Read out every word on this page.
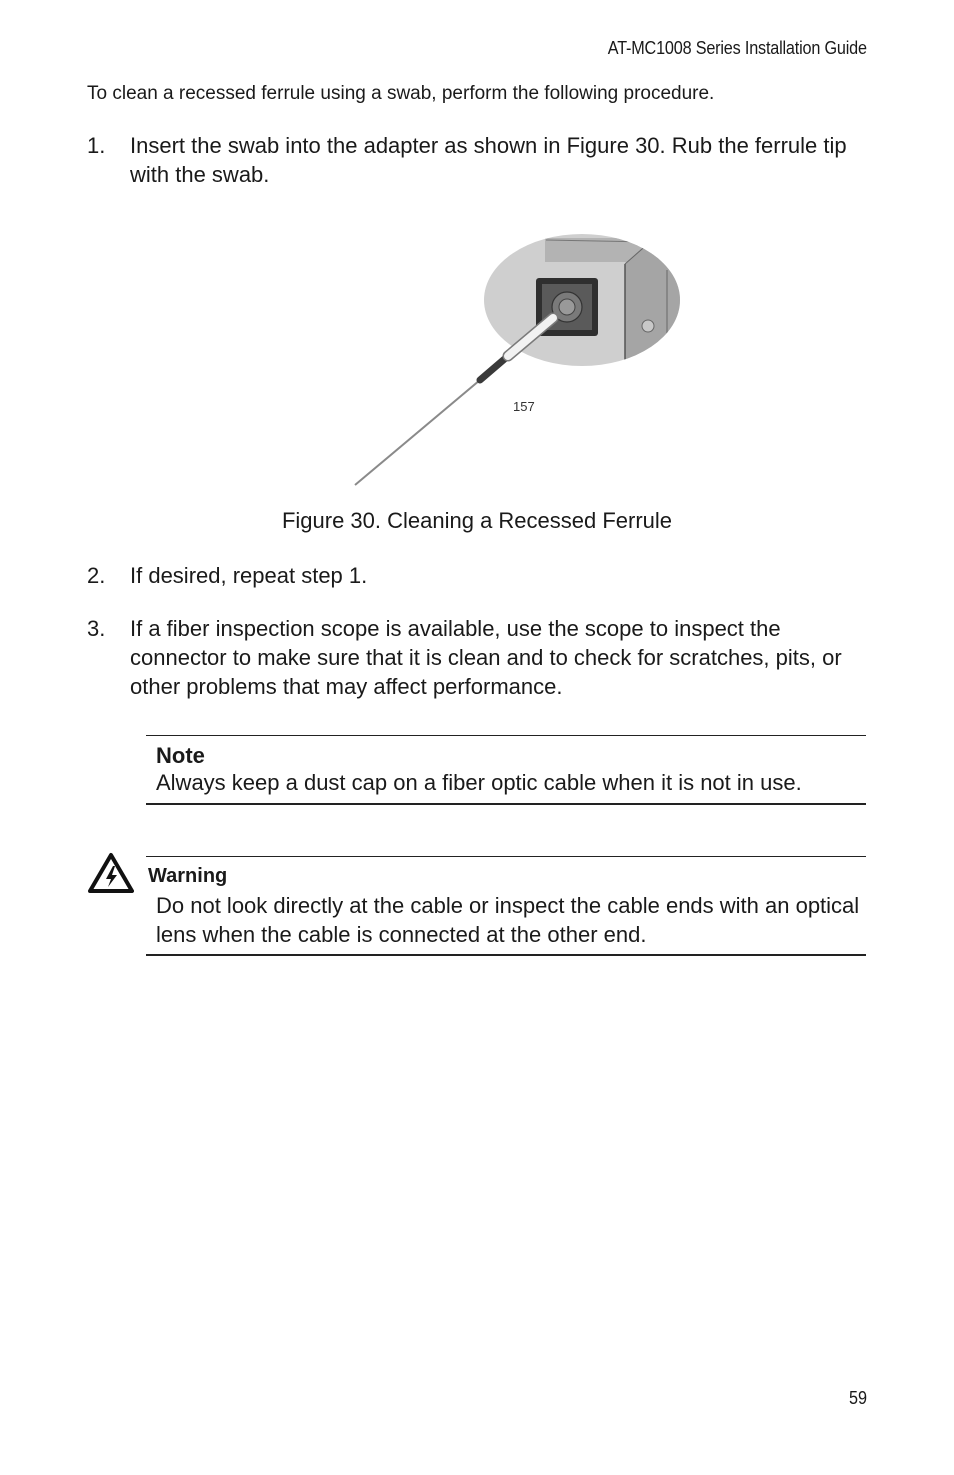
AT-MC1008 Series Installation Guide
To clean a recessed ferrule using a swab, perform the following procedure.
1. Insert the swab into the adapter as shown in Figure 30. Rub the ferrule tip with the swab.
157
Figure 30. Cleaning a Recessed Ferrule
2. If desired, repeat step 1.
3. If a fiber inspection scope is available, use the scope to inspect the connector to make sure that it is clean and to check for scratches, pits, or other problems that may affect performance.
Note
Always keep a dust cap on a fiber optic cable when it is not in use.
Warning
Do not look directly at the cable or inspect the cable ends with an optical lens when the cable is connected at the other end.
59
